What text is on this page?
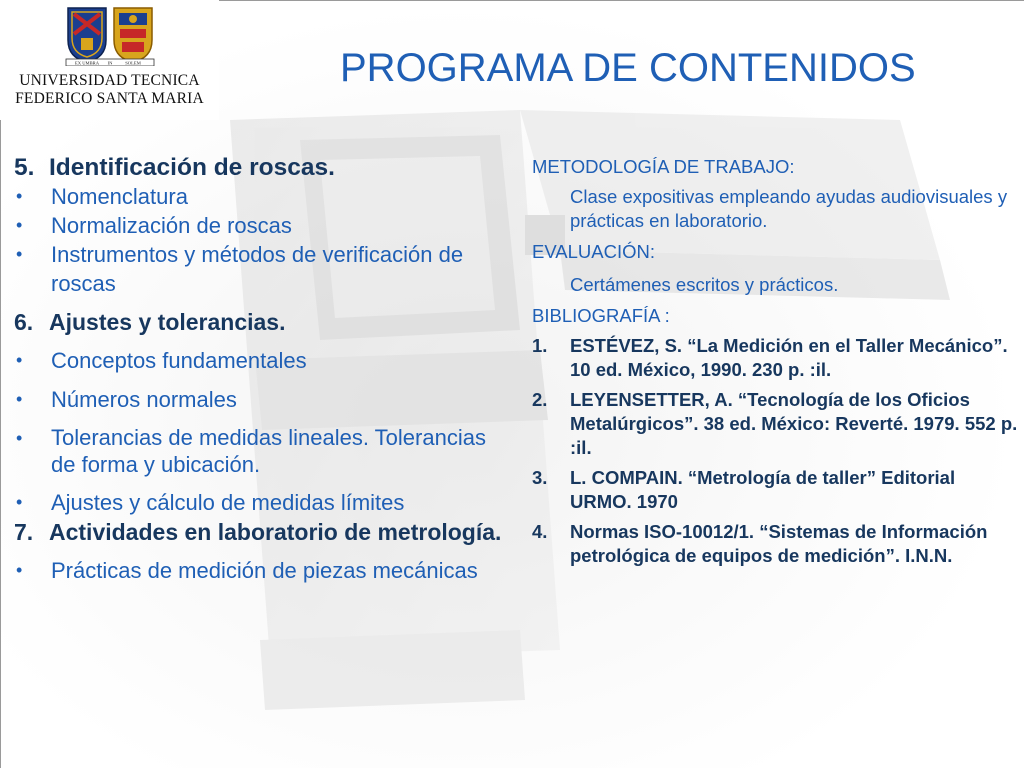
EX UMBRA IN	SOLEM
UNIVERSIDAD TECNICA
FEDERICO SANTA MARIA
PROGRAMA DE CONTENIDOS
5. Identificación de roscas.
•	Nomenclatura
•	Normalización de roscas
•	Instrumentos y métodos de verificación de roscas
6. Ajustes y tolerancias.
•	Conceptos fundamentales
•	Números normales
•	Tolerancias de medidas lineales. Tolerancias de forma y ubicación.
•	Ajustes y cálculo de medidas límites
7. Actividades en laboratorio de metrología.
•	Prácticas de medición de piezas mecánicas
METODOLOGÍA DE TRABAJO:
Clase expositivas empleando ayudas audiovisuales y prácticas en laboratorio.
EVALUACIÓN:
Certámenes escritos y prácticos.
BIBLIOGRAFÍA :
1.	ESTÉVEZ, S. “La Medición en el Taller Mecánico”. 10 ed. México, 1990. 230 p. :il.
2.	LEYENSETTER, A. “Tecnología de los Oficios Metalúrgicos”. 38 ed. México: Reverté. 1979. 552 p. :il.
3.	L. COMPAIN. “Metrología de taller” Editorial URMO. 1970
4.	Normas ISO-10012/1. “Sistemas de Información petrológica de equipos de medición”. I.N.N.
